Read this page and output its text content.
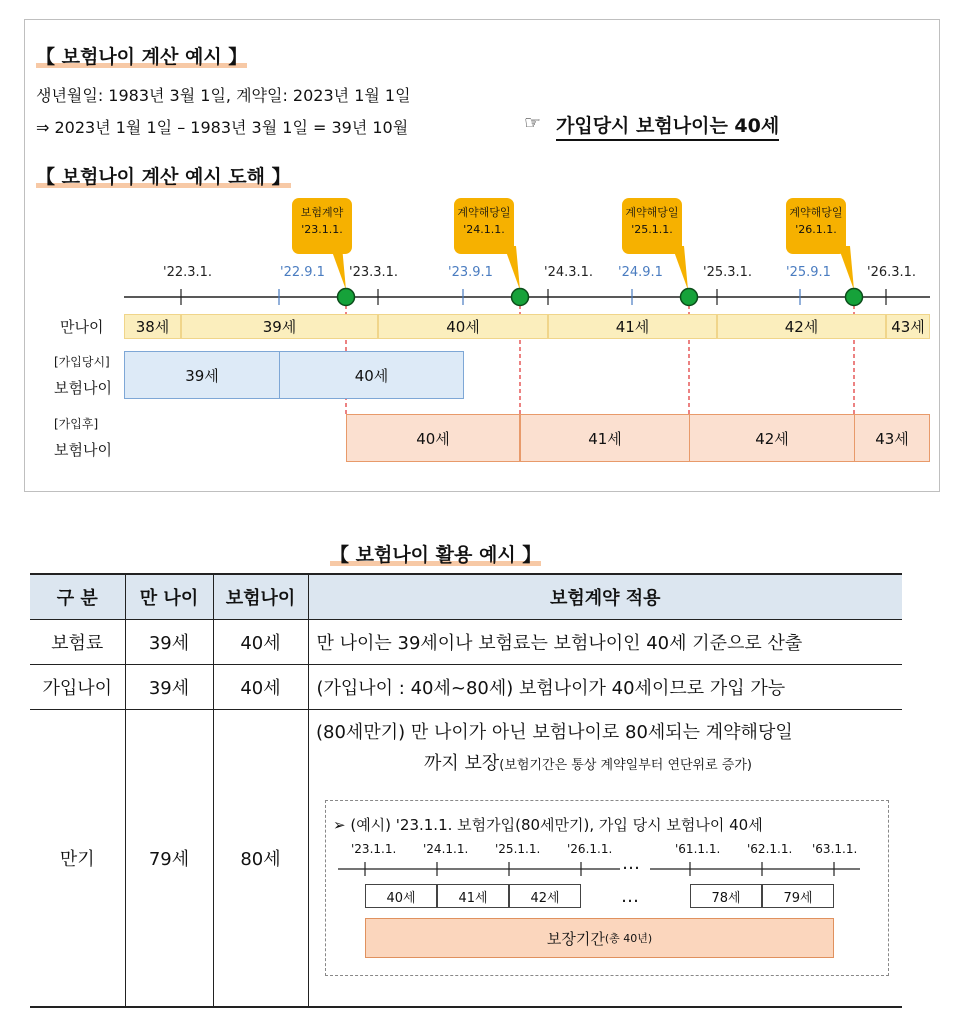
【 보험나이 계산 예시 】
생년월일: 1983년 3월 1일, 계약일: 2023년 1월 1일
⇒ 2023년 1월 1일 – 1983년 3월 1일 = 39년 10월	☞ 가입당시 보험나이는 40세
【 보험나이 계산 예시 도해 】
보험계약
'23.1.1.
계약해당일
'24.1.1.
계약해당일
'25.1.1.
계약해당일
'26.1.1.
'22.3.1.	'22.9.1 '23.3.1.	'23.9.1	'24.3.1. '24.9.1	'25.3.1.	'25.9.1	'26.3.1.
만나이	38세	39세	40세	41세	42세	43세
[가입당시]
보험나이
39세	40세
[가입후]
보험나이
40세	41세	42세	43세
【 보험나이 활용 예시 】
구 분	만 나이	보험나이	보험계약 적용
보험료	39세	40세	만 나이는 39세이나 보험료는 보험나이인 40세 기준으로 산출
가입나이	39세	40세	(가입나이 : 40세~80세) 보험나이가 40세이므로 가입 가능
만기	79세	80세	
(80세만기) 만 나이가 아닌 보험나이로 80세되는 계약해당일
까지 보장(보험기간은 통상 계약일부터 연단위로 증가)
➢ (예시) '23.1.1. 보험가입(80세만기), 가입 당시 보험나이 40세
'23.1.1. '24.1.1. '25.1.1. '26.1.1.	'61.1.1. '62.1.1. '63.1.1.
…
40세	41세	42세	…	78세	79세
보장기간 (총 40년)
